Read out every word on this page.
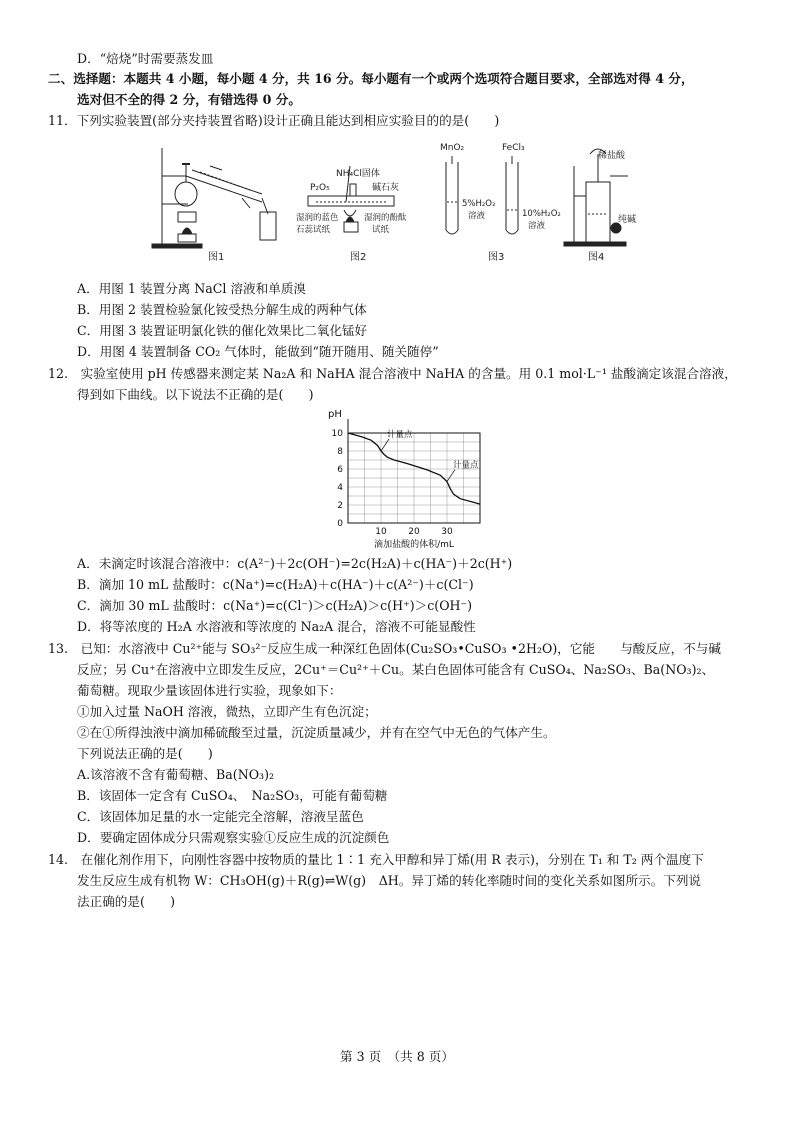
D．“焙烧”时需要蒸发皿
二、选择题：本题共 4 小题，每小题 4 分，共 16 分。每小题有一个或两个选项符合题目要求，全部选对得 4 分，
选对但不全的得 2 分，有错选得 0 分。
11．下列实验装置(部分夹持装置省略)设计正确且能达到相应实验目的的是(　　)
图1
NH₄Cl固体
P₂O₅	碱石灰
湿润的蓝色
石蕊试纸
湿润的酚酞
试纸
图2
MnO₂	FeCl₃
5%H₂O₂
溶液	10%H₂O₂
溶液
图3
稀盐酸
纯碱
图4
A．用图 1 装置分离 NaCl 溶液和单质溴
B．用图 2 装置检验氯化铵受热分解生成的两种气体
C．用图 3 装置证明氯化铁的催化效果比二氧化锰好
D．用图 4 装置制备 CO₂ 气体时，能做到“随开随用、随关随停”
12.　实验室使用 pH 传感器来测定某 Na₂A 和 NaHA 混合溶液中 NaHA 的含量。用 0.1 mol·L⁻¹ 盐酸滴定该混合溶液，
得到如下曲线。以下说法不正确的是(　　)
0
2
4
6
8
10
10 20 30
计量点
计量点
pH
滴加盐酸的体积/mL
A．未滴定时该混合溶液中：c(A²⁻)＋2c(OH⁻)=2c(H₂A)＋c(HA⁻)＋2c(H⁺)
B．滴加 10 mL 盐酸时：c(Na⁺)=c(H₂A)＋c(HA⁻)＋c(A²⁻)＋c(Cl⁻)
C．滴加 30 mL 盐酸时：c(Na⁺)=c(Cl⁻)＞c(H₂A)＞c(H⁺)＞c(OH⁻)
D．将等浓度的 H₂A 水溶液和等浓度的 Na₂A 混合，溶液不可能显酸性
13.　已知：水溶液中 Cu²⁺能与 SO₃²⁻反应生成一种深红色固体(Cu₂SO₃•CuSO₃ •2H₂O)，它能　　与酸反应，不与碱
反应；另 Cu⁺在溶液中立即发生反应，2Cu⁺＝Cu²⁺＋Cu。某白色固体可能含有 CuSO₄、Na₂SO₃、Ba(NO₃)₂、
葡萄糖。现取少量该固体进行实验，现象如下：
①加入过量 NaOH 溶液，微热，立即产生有色沉淀；
②在①所得浊液中滴加稀硫酸至过量，沉淀质量减少，并有在空气中无色的气体产生。
下列说法正确的是(　　)
A.该溶液不含有葡萄糖、Ba(NO₃)₂
B．该固体一定含有 CuSO₄、　Na₂SO₃，可能有葡萄糖
C．该固体加足量的水一定能完全溶解，溶液呈蓝色
D．要确定固体成分只需观察实验①反应生成的沉淀颜色
14.　在催化剂作用下，向刚性容器中按物质的量比 1∶1 充入甲醇和异丁烯(用 R 表示)，分别在 T₁ 和 T₂ 两个温度下
发生反应生成有机物 W：CH₃OH(g)＋R(g)⇌W(g)　ΔH。异丁烯的转化率随时间的变化关系如图所示。下列说
法正确的是(　　)
第 3 页　（共 8 页）
